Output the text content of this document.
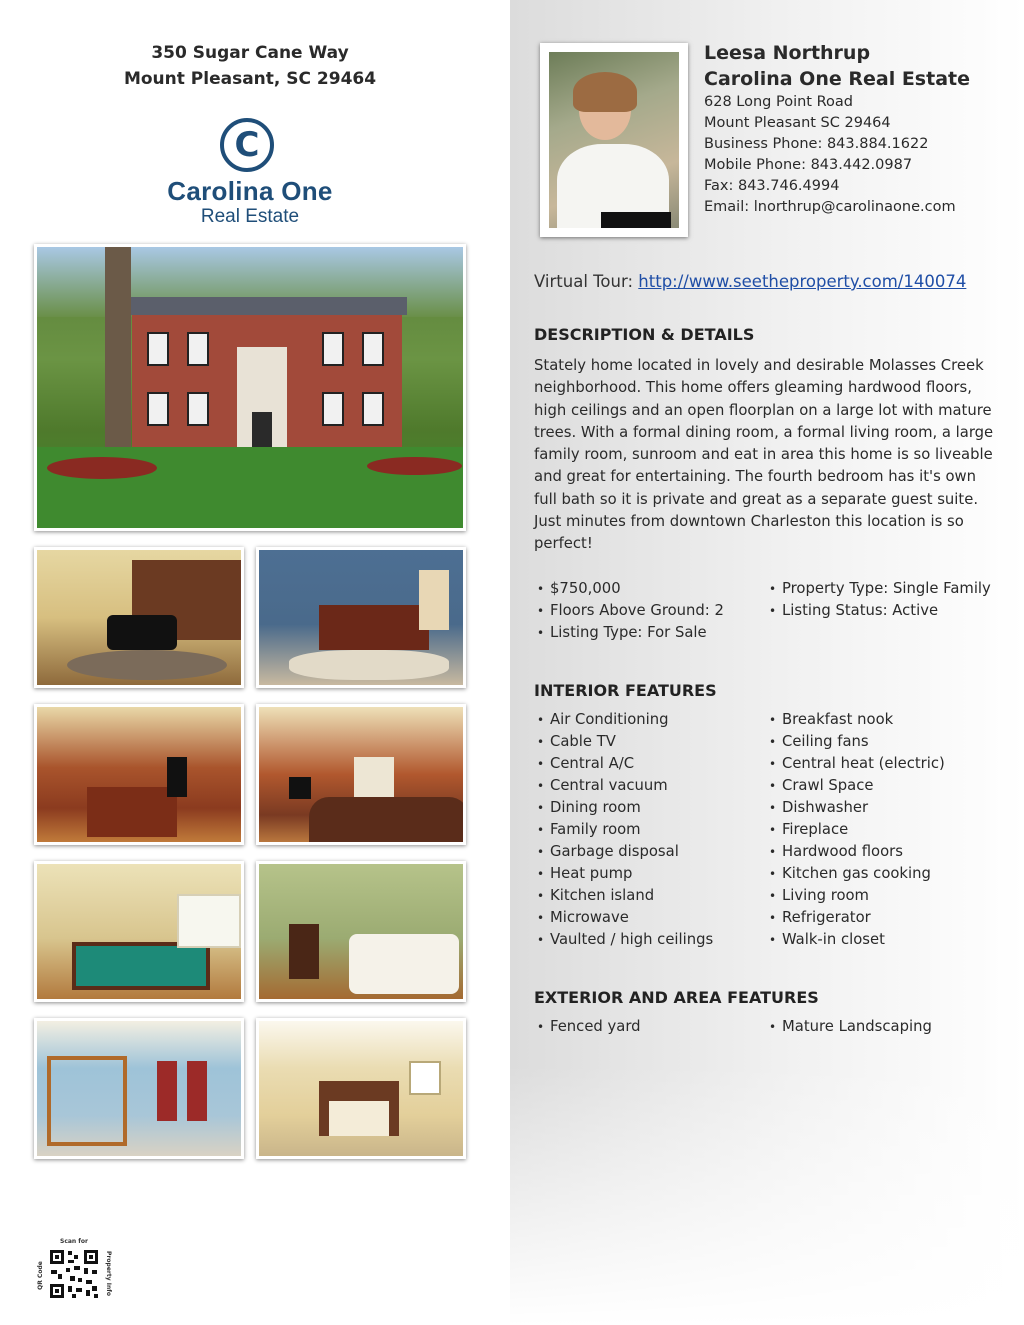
350 Sugar Cane Way
Mount Pleasant, SC 29464
C
Carolina One
Real Estate
Leesa Northrup
Carolina One Real Estate
628 Long Point Road
Mount Pleasant SC 29464
Business Phone: 843.884.1622
Mobile Phone: 843.442.0987
Fax: 843.746.4994
Email: lnorthrup@carolinaone.com
Virtual Tour: http://www.seetheproperty.com/140074
DESCRIPTION & DETAILS
Stately home located in lovely and desirable Molasses Creek neighborhood. This home offers gleaming hardwood floors, high ceilings and an open floorplan on a large lot with mature trees. With a formal dining room, a formal living room, a large family room, sunroom and eat in area this home is so liveable and great for entertaining. The fourth bedroom has it's own full bath so it is private and great as a separate guest suite. Just minutes from downtown Charleston this location is so perfect!
• $750,000
• Floors Above Ground: 2
• Listing Type: For Sale
• Property Type: Single Family
• Listing Status: Active
INTERIOR FEATURES
• Air Conditioning
• Cable TV
• Central A/C
• Central vacuum
• Dining room
• Family room
• Garbage disposal
• Heat pump
• Kitchen island
• Microwave
• Vaulted / high ceilings
• Breakfast nook
• Ceiling fans
• Central heat (electric)
• Crawl Space
• Dishwasher
• Fireplace
• Hardwood floors
• Kitchen gas cooking
• Living room
• Refrigerator
• Walk-in closet
EXTERIOR AND AREA FEATURES
• Fenced yard
•	Mature Landscaping
Scan for
QR Code	Property Info
